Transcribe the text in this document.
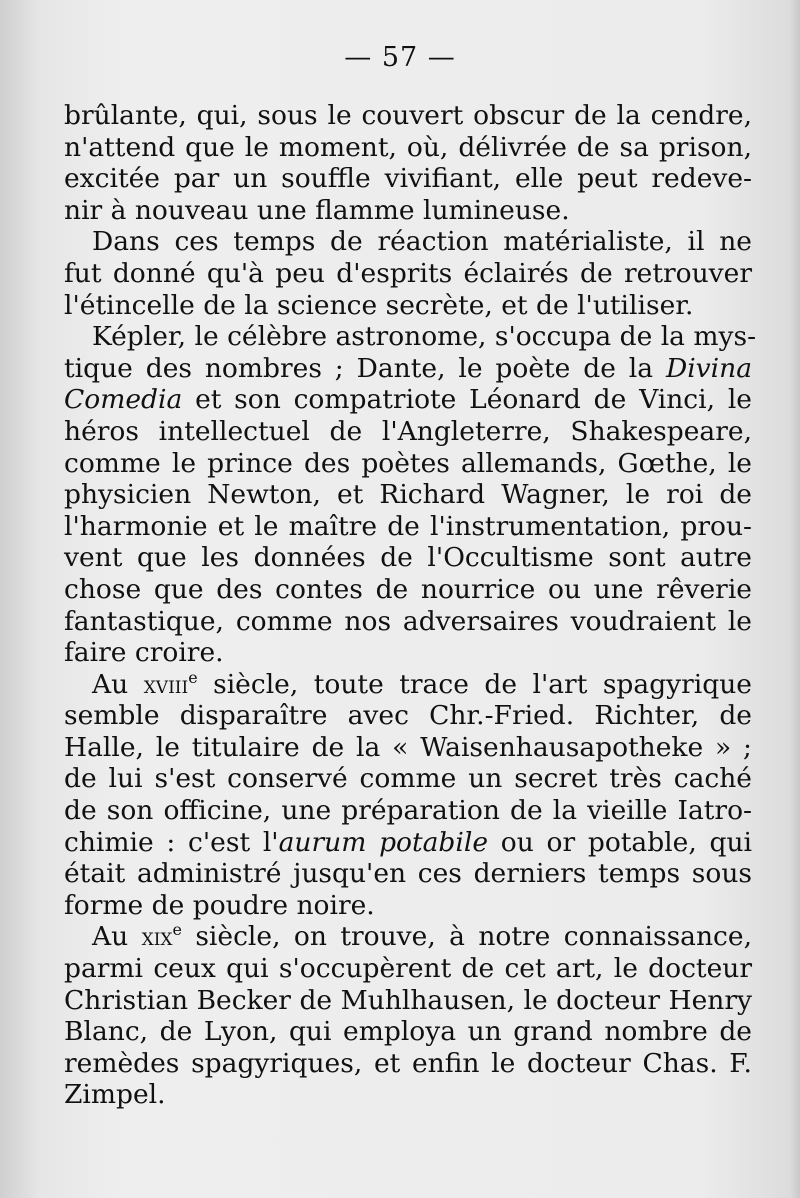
— 57 —
brûlante, qui, sous le couvert obscur de la cendre,
n'attend que le moment, où, délivrée de sa prison,
excitée par un souffle vivifiant, elle peut redeve-
nir à nouveau une flamme lumineuse.
Dans ces temps de réaction matérialiste, il ne
fut donné qu'à peu d'esprits éclairés de retrouver
l'étincelle de la science secrète, et de l'utiliser.
Képler, le célèbre astronome, s'occupa de la mys-
tique des nombres ; Dante, le poète de la Divina
Comedia et son compatriote Léonard de Vinci, le
héros intellectuel de l'Angleterre, Shakespeare,
comme le prince des poètes allemands, Gœthe, le
physicien Newton, et Richard Wagner, le roi de
l'harmonie et le maître de l'instrumentation, prou-
vent que les données de l'Occultisme sont autre
chose que des contes de nourrice ou une rêverie
fantastique, comme nos adversaires voudraient le
faire croire.
Au xviii$^e$ siècle, toute trace de l'art spagyrique
semble disparaître avec Chr.-Fried. Richter, de
Halle, le titulaire de la « Waisenhausapotheke » ;
de lui s'est conservé comme un secret très caché
de son officine, une préparation de la vieille Iatro-
chimie : c'est l'aurum potabile ou or potable, qui
était administré jusqu'en ces derniers temps sous
forme de poudre noire.
Au xix$^e$ siècle, on trouve, à notre connaissance,
parmi ceux qui s'occupèrent de cet art, le docteur
Christian Becker de Muhlhausen, le docteur Henry
Blanc, de Lyon, qui employa un grand nombre de
remèdes spagyriques, et enfin le docteur Chas. F.
Zimpel.
